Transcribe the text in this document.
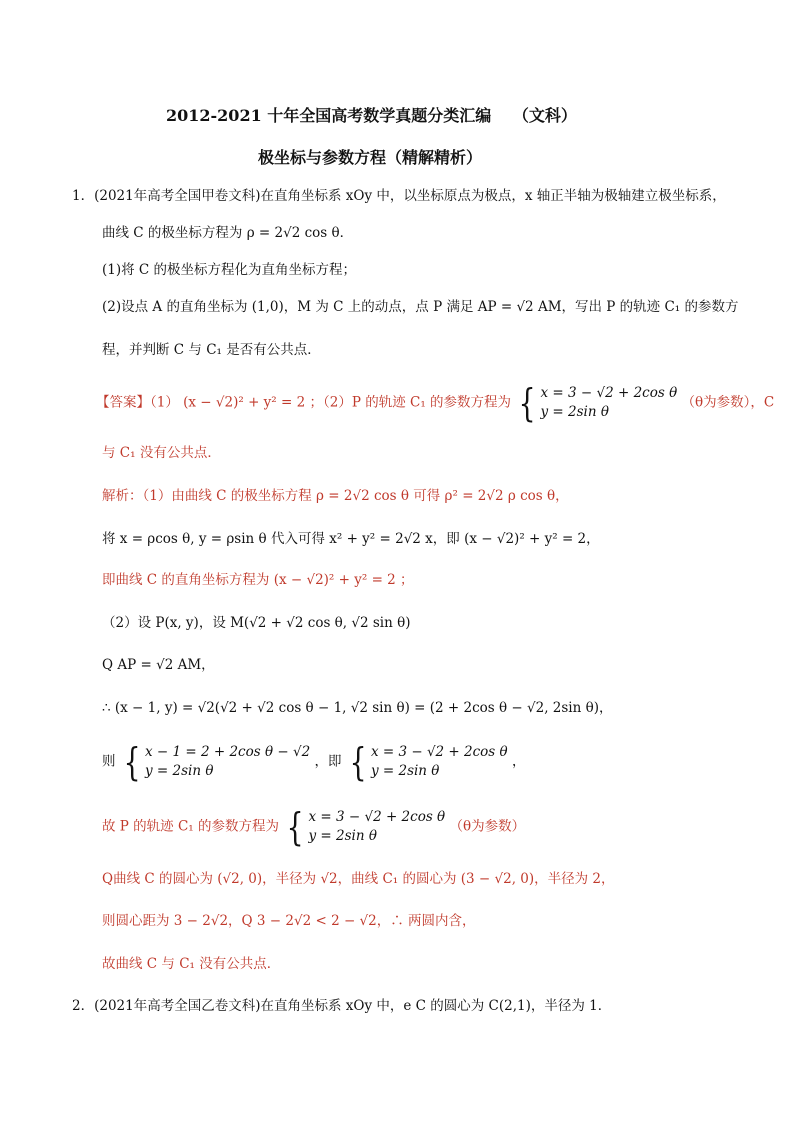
2012-2021 十年全国高考数学真题分类汇编　 （文科）
极坐标与参数方程（精解精析）
1．(2021年高考全国甲卷文科)在直角坐标系 xOy 中，以坐标原点为极点，x 轴正半轴为极轴建立极坐标系，
曲线 C 的极坐标方程为 ρ = 2√2 cos θ．
(1)将 C 的极坐标方程化为直角坐标方程；
(2)设点 A 的直角坐标为 (1,0)，M 为 C 上的动点，点 P 满足 AP = √2 AM，写出 P 的轨迹 C₁ 的参数方
程，并判断 C 与 C₁ 是否有公共点．
【答案】（1） (x − √2)² + y² = 2 ；（2）P 的轨迹 C₁ 的参数方程为 { x = 3 − √2 + 2cos θ
y = 2sin θ
（θ为参数），C
与 C₁ 没有公共点．
解析：（1）由曲线 C 的极坐标方程 ρ = 2√2 cos θ 可得 ρ² = 2√2 ρ cos θ，
将 x = ρcos θ, y = ρsin θ 代入可得 x² + y² = 2√2 x，即 (x − √2)² + y² = 2，
即曲线 C 的直角坐标方程为 (x − √2)² + y² = 2 ；
（2）设 P(x, y)，设 M(√2 + √2 cos θ, √2 sin θ)
Q AP = √2 AM，
∴ (x − 1, y) = √2(√2 + √2 cos θ − 1, √2 sin θ) = (2 + 2cos θ − √2, 2sin θ)，
则 { x − 1 = 2 + 2cos θ − √2
y = 2sin θ
，即 { x = 3 − √2 + 2cos θ
y = 2sin θ
，
故 P 的轨迹 C₁ 的参数方程为 { x = 3 − √2 + 2cos θ
y = 2sin θ
（θ为参数）
Q曲线 C 的圆心为 (√2, 0)，半径为 √2，曲线 C₁ 的圆心为 (3 − √2, 0)，半径为 2，
则圆心距为 3 − 2√2，Q 3 − 2√2 < 2 − √2，∴ 两圆内含，
故曲线 C 与 C₁ 没有公共点．
2．(2021年高考全国乙卷文科)在直角坐标系 xOy 中，e C 的圆心为 C(2,1)，半径为 1．
